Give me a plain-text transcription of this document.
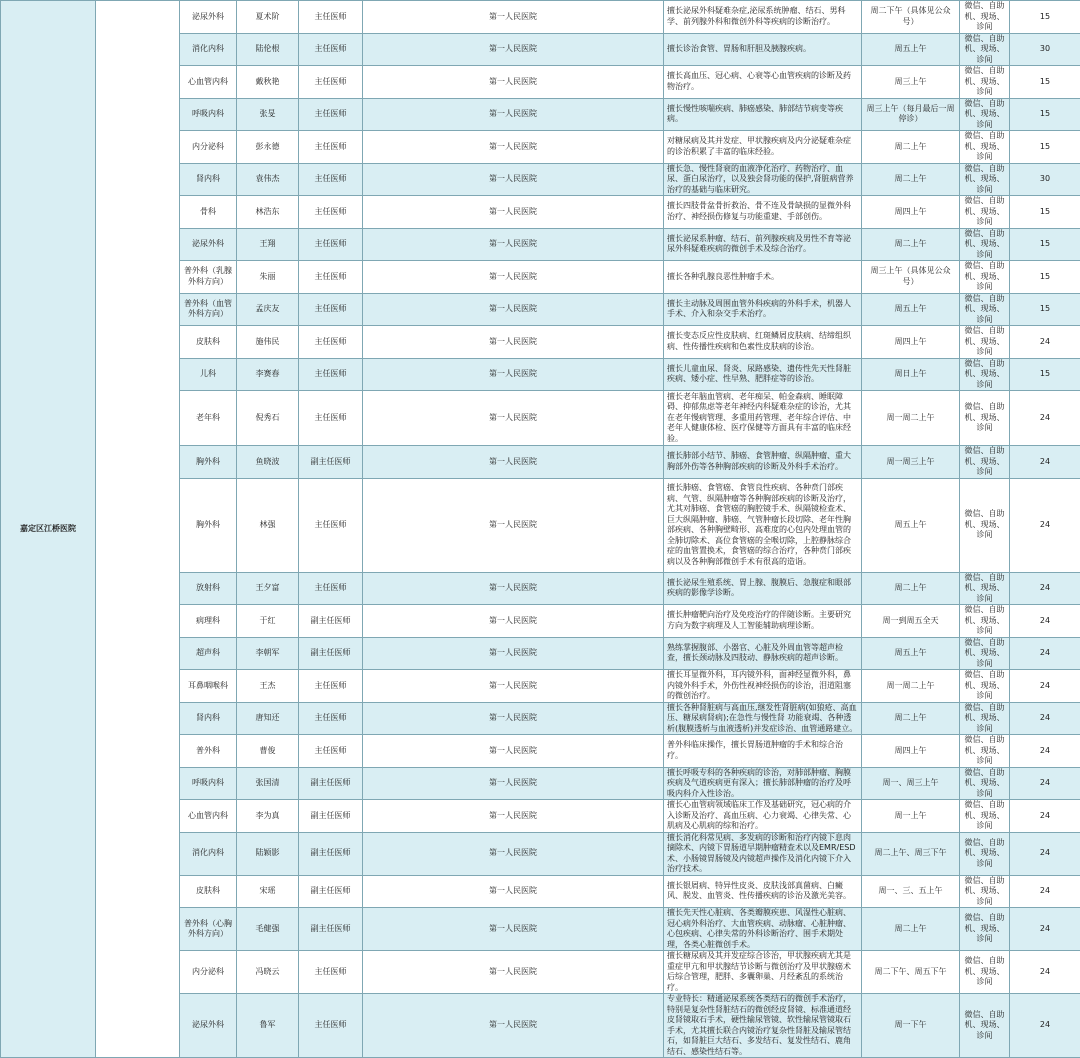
嘉定区江桥医院		泌尿外科	夏术阶	主任医师	第一人民医院	擅长泌尿外科疑难杂症,泌尿系统肿瘤、结石、男科学、前列腺外科和微创外科等疾病的诊断治疗。	周二下午（具体见公众号）	微信、自助机、现场、诊间	15	
		消化内科	陆伦根	主任医师	第一人民医院	擅长诊治食管、胃肠和肝胆及胰腺疾病。	周五上午	微信、自助机、现场、诊间	30	
		心血管内科	戴秋艳	主任医师	第一人民医院	擅长高血压、冠心病、心衰等心血管疾病的诊断及药物治疗。	周三上午	微信、自助机、现场、诊间	15	
		呼吸内科	张旻	主任医师	第一人民医院	擅长慢性咳喘疾病、肺癌感染、肺部结节病变等疾病。	周三上午（每月最后一周停诊）	微信、自助机、现场、诊间	15	
		内分泌科	彭永德	主任医师	第一人民医院	对糖尿病及其并发症、甲状腺疾病及内分泌疑难杂症的诊治积累了丰富的临床经验。	周二上午	微信、自助机、现场、诊间	15	
		肾内科	袁伟杰	主任医师	第一人民医院	擅长急、慢性肾衰的血液净化治疗、药物治疗、血尿、蛋白尿治疗，以及独会肾功能的保护,肾脏病营养治疗的基础与临床研究。	周二上午	微信、自助机、现场、诊间	30	
		骨科	林浩东	主任医师	第一人民医院	擅长四肢骨盆骨折救治、骨不连及骨缺损的显微外科治疗、神经损伤修复与功能重建、手部创伤。	周四上午	微信、自助机、现场、诊间	15	
		泌尿外科	王翔	主任医师	第一人民医院	擅长泌尿系肿瘤、结石、前列腺疾病及男性不育等泌尿外科疑难疾病的微创手术及综合治疗。	周二上午	微信、自助机、现场、诊间	15	
		普外科（乳腺外科方向）	朱丽	主任医师	第一人民医院	擅长各种乳腺良恶性肿瘤手术。	周三上午（具体见公众号）	微信、自助机、现场、诊间	15	
		普外科（血管外科方向）	孟庆友	主任医师	第一人民医院	擅长主动脉及周围血管外科疾病的外科手术，机器人手术、介入和杂交手术治疗。	周五上午	微信、自助机、现场、诊间	15	
		皮肤科	施伟民	主任医师	第一人民医院	擅长变态反应性皮肤病、红斑鳞屑皮肤病、结缔组织病、性传播性疾病和色素性皮肤病的诊治。	周四上午	微信、自助机、现场、诊间	24	
		儿科	李赛春	主任医师	第一人民医院	擅长儿童血尿、肾炎、尿路感染、遗传性先天性肾脏疾病、矮小症、性早熟、肥胖症等的诊治。	周日上午	微信、自助机、现场、诊间	15	
		老年科	倪秀石	主任医师	第一人民医院	擅长老年脑血管病、老年痴呆、帕金森病、睡眠障碍、抑郁焦虑等老年神经内科疑难杂症的诊治，尤其在老年慢病管理、多重用药管理、老年综合评估、中老年人健康体检、医疗保健等方面具有丰富的临床经验。	周一周二上午	微信、自助机、现场、诊间	24	
		胸外科	鱼晓波	副主任医师	第一人民医院	擅长肺部小结节、肺癌、食管肿瘤、纵隔肿瘤、重大胸部外伤等各种胸部疾病的诊断及外科手术治疗。	周一周三上午	微信、自助机、现场、诊间	24	
		胸外科	林强	主任医师	第一人民医院	擅长肺癌、食管癌、食管良性疾病、各种贲门部疾病、气管、纵隔肿瘤等各种胸部疾病的诊断及治疗，尤其对肺癌、食管癌的胸腔镜手术、纵隔镜检查术、巨大纵隔肿瘤、肺癌、气管肿瘤长段切除、老年性胸部疾病、各种胸壁畸形、高难度的心包内处理血管的全肺切除术、高位食管癌的全喉切除，上腔静脉综合症的血管置换术，食管癌的综合治疗，各种贲门部疾病以及各种胸部微创手术有很高的造诣。	周五上午	微信、自助机、现场、诊间	24	
		放射科	王夕富	主任医师	第一人民医院	擅长泌尿生殖系统、胃上腺、腹膜后、急腹症和眼部疾病的影像学诊断。	周二上午	微信、自助机、现场、诊间	24	
		病理科	于红	副主任医师	第一人民医院	擅长肿瘤靶向治疗及免疫治疗的伴随诊断。主要研究方向为数字病理及人工智能辅助病理诊断。	周一到周五全天	微信、自助机、现场、诊间	24	
		超声科	李朝军	副主任医师	第一人民医院	熟练掌握腹部、小器官、心脏及外周血管等超声检查，擅长颈动脉及四肢动、静脉疾病的超声诊断。	周五上午	微信、自助机、现场、诊间	24	
		耳鼻咽喉科	王杰	主任医师	第一人民医院	擅长耳显微外科，耳内镜外科，面神经显微外科，鼻内镜外科手术，外伤性视神经损伤的诊治，泪道阻塞的微创治疗。	周一周二上午	微信、自助机、现场、诊间	24	
		肾内科	唐知还	主任医师	第一人民医院	擅长各种肾脏病与高血压,继发性肾脏病(如狼疮、高血压、糖尿病肾病);在急性与慢性肾 功能衰竭、各种透析(腹膜透析与血液透析)并发症诊治、血管通路建立。	周二上午	微信、自助机、现场、诊间	24	
		普外科	曹俊	主任医师	第一人民医院	普外科临床操作，擅长胃肠道肿瘤的手术和综合治疗。	周四上午	微信、自助机、现场、诊间	24	
		呼吸内科	张国清	副主任医师	第一人民医院	擅长呼吸专科的各种疾病的诊治，对肺部肿瘤、胸膜疾病及气道疾病更有深入；擅长肺部肿瘤的治疗及呼吸内科介入性诊治。	周一、周三上午	微信、自助机、现场、诊间	24	
		心血管内科	李为真	副主任医师	第一人民医院	擅长心血管病领域临床工作及基础研究，冠心病的介入诊断及治疗、高血压病、心力衰竭、心律失常、心肌病及心肌病的综和治疗。	周一上午	微信、自助机、现场、诊间	24	
		消化内科	陆颖影	副主任医师	第一人民医院	擅长消化科常见病、多发病的诊断和治疗内镜下息肉摘除术、内镜下胃肠道早期肿瘤精查术以及EMR/ESD术、小肠镜胃肠镜及内镜超声操作及消化内镜下介入治疗技术。	周二上午、周三下午	微信、自助机、现场、诊间	24	
		皮肤科	宋瑶	副主任医师	第一人民医院	擅长银屑病、特异性皮炎、皮肤浅部真菌病、白癜风、脱发、血管炎、性传播疾病的诊治及激光美容。	周一、三、五上午	微信、自助机、现场、诊间	24	
		普外科（心胸外科方向）	毛健强	副主任医师	第一人民医院	擅长先天性心脏病、各类瓣膜疾患、风湿性心脏病、冠心病外科治疗、大血管疾病、动脉瘤、心脏肿瘤、心包疾病、心律失常的外科诊断治疗、围手术期处理，各类心脏微创手术。	周二上午	微信、自助机、现场、诊间	24	
		内分泌科	冯晓云	主任医师	第一人民医院	擅长糖尿病及其并发症综合诊治，甲状腺疾病尤其是重症甲亢和甲状腺结节诊断与微创治疗及甲状腺癌术后综合管理，肥胖、多囊卵巢、月经紊乱的系统治疗。	周二下午、周五下午	微信、自助机、现场、诊间	24	
		泌尿外科	鲁军	主任医师	第一人民医院	专业特长：精通泌尿系统各类结石的微创手术治疗，特别是复杂性肾脏结石的微创经皮肾镜、标准通道经皮肾镜取石手术，硬性输尿管镜、软性输尿管镜取石手术，尤其擅长联合内镜治疗复杂性肾脏及输尿管结石，如肾脏巨大结石、多发结石、复发性结石、鹿角结石、感染性结石等。	周一下午	微信、自助机、现场、诊间	24	
